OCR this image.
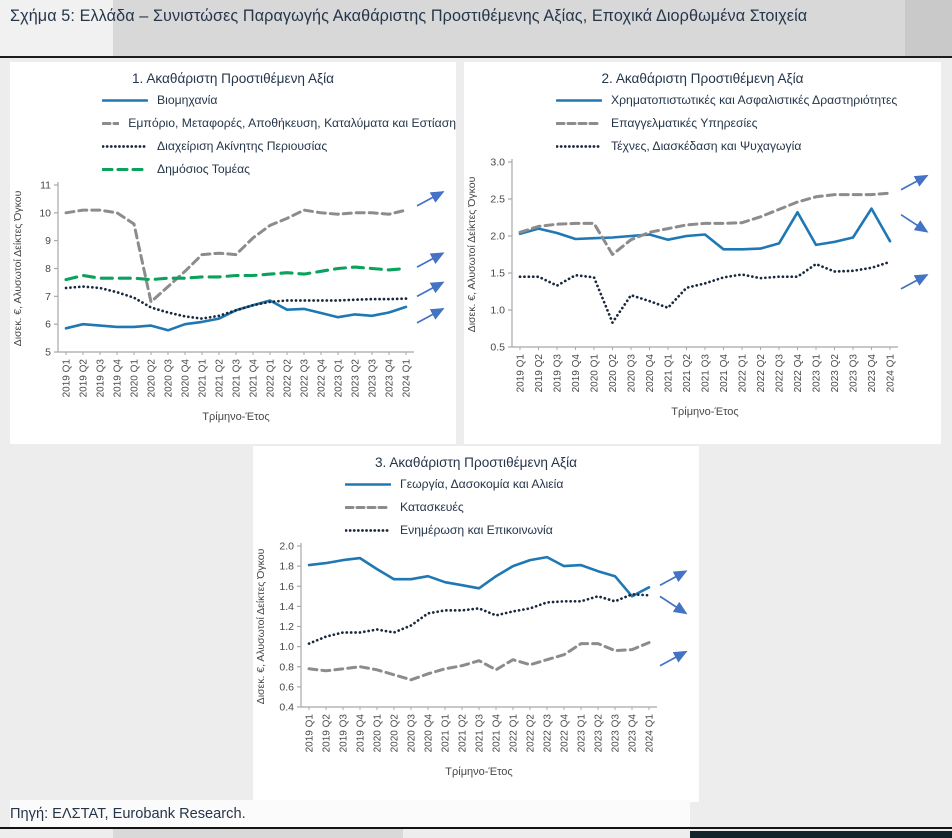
Σχήμα 5: Ελλάδα – Συνιστώσες Παραγωγής Ακαθάριστης Προστιθέμενης Αξίας, Εποχικά Διορθωμένα Στοιχεία
1. Ακαθάριστη Προστιθέμενη Αξία
Βιομηχανία
Εμπόριο, Μεταφορές, Αποθήκευση, Καταλύματα και Εστίαση
Διαχείριση Ακίνητης Περιουσίας
Δημόσιος Τομέας
5
6
7
8
9
10
11
2019 Q1 2019 Q2 2019 Q3 2019 Q4 2020 Q1 2020 Q2 2020 Q3 2020 Q4 2021 Q1 2021 Q2 2021 Q3 2021 Q4 2022 Q1 2022 Q2 2022 Q3 2022 Q4 2023 Q1 2023 Q2 2023 Q3 2023 Q4 2024 Q1
Τρίμηνο-Έτος
Δισεκ. €, Αλυσωτοί Δείκτες Όγκου
2. Ακαθάριστη Προστιθέμενη Αξία
Χρηματοπιστωτικές και Ασφαλιστικές Δραστηριότητες
Επαγγελματικές Υπηρεσίες
Τέχνες, Διασκέδαση και Ψυχαγωγία
0.5
1.0
1.5
2.0
2.5
3.0
2019 Q1 2019 Q2 2019 Q3 2019 Q4 2020 Q1 2020 Q2 2020 Q3 2020 Q4 2021 Q1 2021 Q2 2021 Q3 2021 Q4 2022 Q1 2022 Q2 2022 Q3 2022 Q4 2023 Q1 2023 Q2 2023 Q3 2023 Q4 2024 Q1
Τρίμηνο-Έτος
Δισεκ. €, Αλυσωτοί Δείκτες Όγκου
3. Ακαθάριστη Προστιθέμενη Αξία
Γεωργία, Δασοκομία και Αλιεία
Κατασκευές
Ενημέρωση και Επικοινωνία
0.4
0.6
0.8
1.0
1.2
1.4
1.6
1.8
2.0
2019 Q1 2019 Q2 2019 Q3 2019 Q4 2020 Q1 2020 Q2 2020 Q3 2020 Q4 2021 Q1 2021 Q2 2021 Q3 2021 Q4 2022 Q1 2022 Q2 2022 Q3 2022 Q4 2023 Q1 2023 Q2 2023 Q3 2023 Q4 2024 Q1
Τρίμηνο-Έτος
Δισεκ. €, Αλυσωτοί Δείκτες Όγκου
Πηγή: ΕΛΣΤΑΤ, Eurobank Research.
